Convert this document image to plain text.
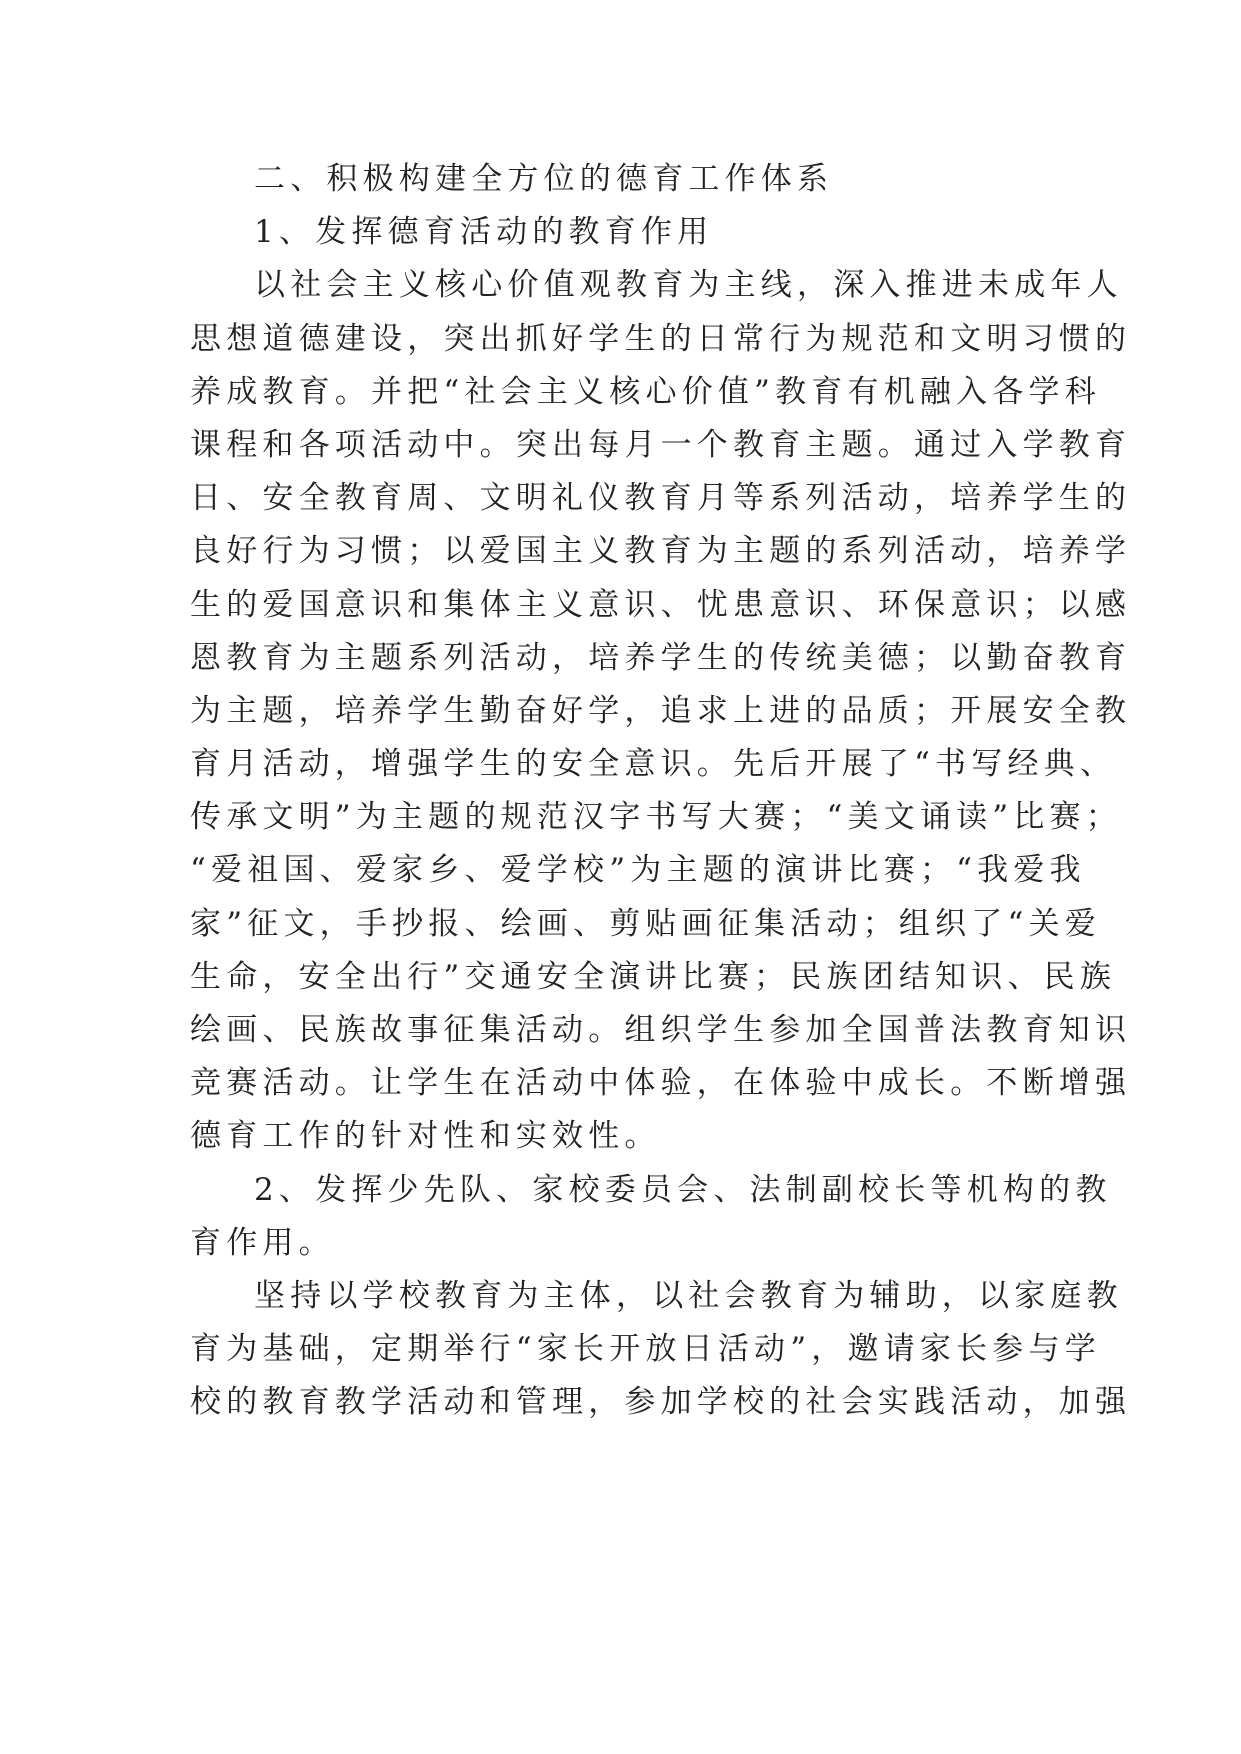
二、积极构建全方位的德育工作体系
1、发挥德育活动的教育作用
以社会主义核心价值观教育为主线，深入推进未成年人
思想道德建设，突出抓好学生的日常行为规范和文明习惯的
养成教育。并把“社会主义核心价值”教育有机融入各学科
课程和各项活动中。突出每月一个教育主题。通过入学教育
日、安全教育周、文明礼仪教育月等系列活动，培养学生的
良好行为习惯；以爱国主义教育为主题的系列活动，培养学
生的爱国意识和集体主义意识、忧患意识、环保意识；以感
恩教育为主题系列活动，培养学生的传统美德；以勤奋教育
为主题，培养学生勤奋好学，追求上进的品质；开展安全教
育月活动，增强学生的安全意识。先后开展了“书写经典、
传承文明”为主题的规范汉字书写大赛；“美文诵读”比赛；
“爱祖国、爱家乡、爱学校”为主题的演讲比赛；“我爱我
家”征文，手抄报、绘画、剪贴画征集活动；组织了“关爱
生命，安全出行”交通安全演讲比赛；民族团结知识、民族
绘画、民族故事征集活动。组织学生参加全国普法教育知识
竞赛活动。让学生在活动中体验，在体验中成长。不断增强
德育工作的针对性和实效性。
2、发挥少先队、家校委员会、法制副校长等机构的教
育作用。
坚持以学校教育为主体，以社会教育为辅助，以家庭教
育为基础，定期举行“家长开放日活动”，邀请家长参与学
校的教育教学活动和管理，参加学校的社会实践活动，加强
